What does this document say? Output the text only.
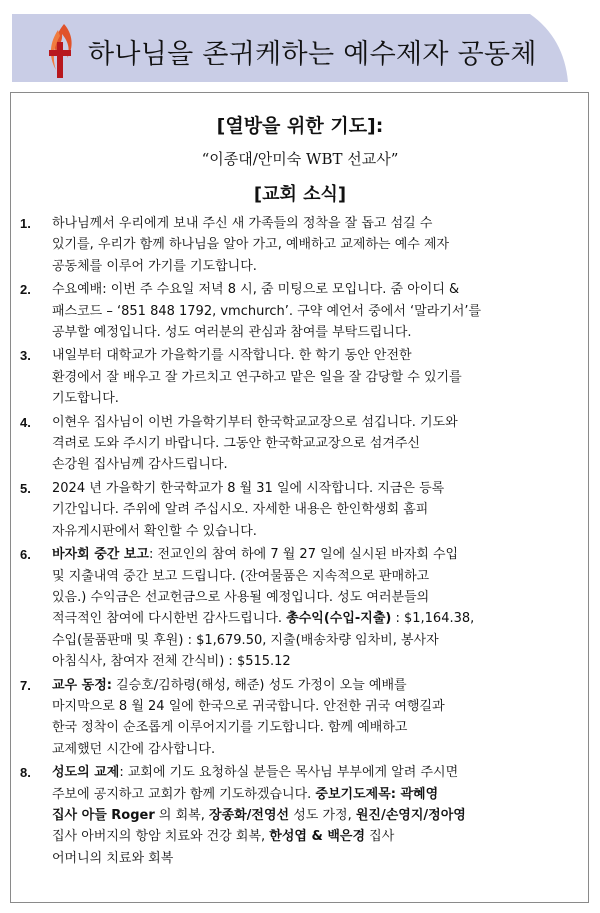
하나님을 존귀케하는 예수제자 공동체
[열방을 위한 기도]:
“이종대/안미숙 WBT 선교사”
[교회 소식]
1. 하나님께서 우리에게 보내 주신 새 가족들의 정착을 잘 돕고 섬길 수
있기를, 우리가 함께 하나님을 알아 가고, 예배하고 교제하는 예수 제자
공동체를 이루어 가기를 기도합니다.
2. 수요예배: 이번 주 수요일 저녁 8 시, 줌 미팅으로 모입니다. 줌 아이디 &
패스코드 – ‘851 848 1792, vmchurch’. 구약 예언서 중에서 ‘말라기서’를
공부할 예정입니다. 성도 여러분의 관심과 참여를 부탁드립니다.
3. 내일부터 대학교가 가을학기를 시작합니다. 한 학기 동안 안전한
환경에서 잘 배우고 잘 가르치고 연구하고 맡은 일을 잘 감당할 수 있기를
기도합니다.
4. 이현우 집사님이 이번 가을학기부터 한국학교교장으로 섬깁니다. 기도와
격려로 도와 주시기 바랍니다. 그동안 한국학교교장으로 섬겨주신
손강원 집사님께 감사드립니다.
5. 2024 년 가을학기 한국학교가 8 월 31 일에 시작합니다. 지금은 등록
기간입니다. 주위에 알려 주십시오. 자세한 내용은 한인학생회 홈피
자유게시판에서 확인할 수 있습니다.
6. 바자회 중간 보고: 전교인의 참여 하에 7 월 27 일에 실시된 바자회 수입
및 지출내역 중간 보고 드립니다. (잔여물품은 지속적으로 판매하고
있음.) 수익금은 선교헌금으로 사용될 예정입니다. 성도 여러분들의
적극적인 참여에 다시한번 감사드립니다. 총수익(수입-지출) : $1,164.38,
수입(물품판매 및 후원) : $1,679.50, 지출(배송차량 임차비, 봉사자
아침식사, 참여자 전체 간식비) : $515.12
7. 교우 동정: 길승호/김하령(해성, 해준) 성도 가정이 오늘 예배를
마지막으로 8 월 24 일에 한국으로 귀국합니다. 안전한 귀국 여행길과
한국 정착이 순조롭게 이루어지기를 기도합니다. 함께 예배하고
교제했던 시간에 감사합니다.
8. 성도의 교제: 교회에 기도 요청하실 분들은 목사님 부부에게 알려 주시면
주보에 공지하고 교회가 함께 기도하겠습니다. 중보기도제목: 곽혜영
집사 아들 Roger 의 회복, 장종화/전영선 성도 가정, 원진/손영지/정아영
집사 아버지의 항암 치료와 건강 회복, 한성엽 & 백은경 집사
어머니의 치료와 회복
